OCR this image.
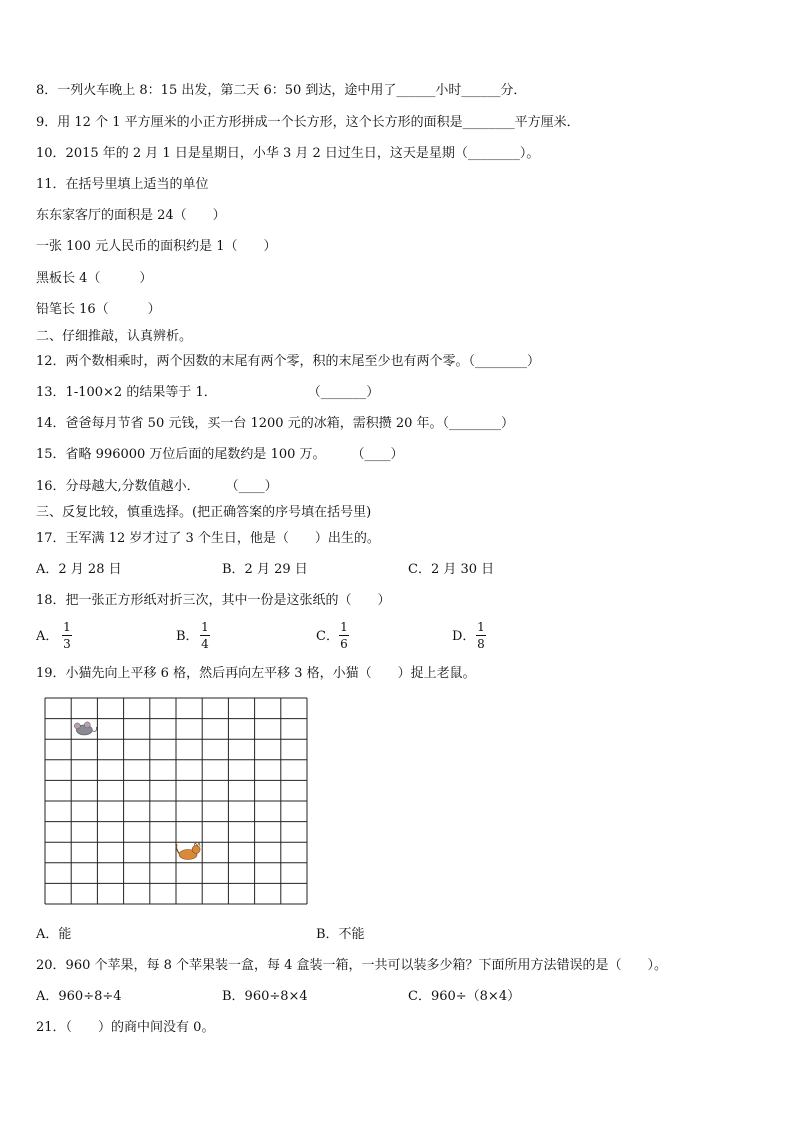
8．一列火车晚上 8：15 出发，第二天 6：50 到达，途中用了______小时______分．
9．用 12 个 1 平方厘米的小正方形拼成一个长方形，这个长方形的面积是________平方厘米．
10．2015 年的 2 月 1 日是星期日，小华 3 月 2 日过生日，这天是星期（________）。
11．在括号里填上适当的单位
东东家客厅的面积是 24（　　）
一张 100 元人民币的面积约是 1（　　）
黑板长 4（　　　）
铅笔长 16（　　　）
二、仔细推敲，认真辨析。
12．两个数相乘时，两个因数的末尾有两个零，积的末尾至少也有两个零。（________）
13．1-100×2 的结果等于 1．　　　　　　　　（_______）
14．爸爸每月节省 50 元钱，买一台 1200 元的冰箱，需积攒 20 年。（________）
15．省略 996000 万位后面的尾数约是 100 万。　　　（____）
16．分母越大,分数值越小．　　　（____）
三、反复比较，慎重选择。(把正确答案的序号填在括号里)
17．王军满 12 岁才过了 3 个生日，他是（　　）出生的。
A．2 月 28 日	B．2 月 29 日	C．2 月 30 日
18．把一张正方形纸对折三次，其中一份是这张纸的（　　）
A．
1
3	B．
1
4	C．
1
6	D．
1
8
19．小猫先向上平移 6 格，然后再向左平移 3 格，小猫（　　）捉上老鼠。
A．能	B．不能
20．960 个苹果，每 8 个苹果装一盒，每 4 盒装一箱，一共可以装多少箱？下面所用方法错误的是（　　）。
A．960÷8÷4	B．960÷8×4	C．960÷（8×4）
21．（　　）的商中间没有 0。
